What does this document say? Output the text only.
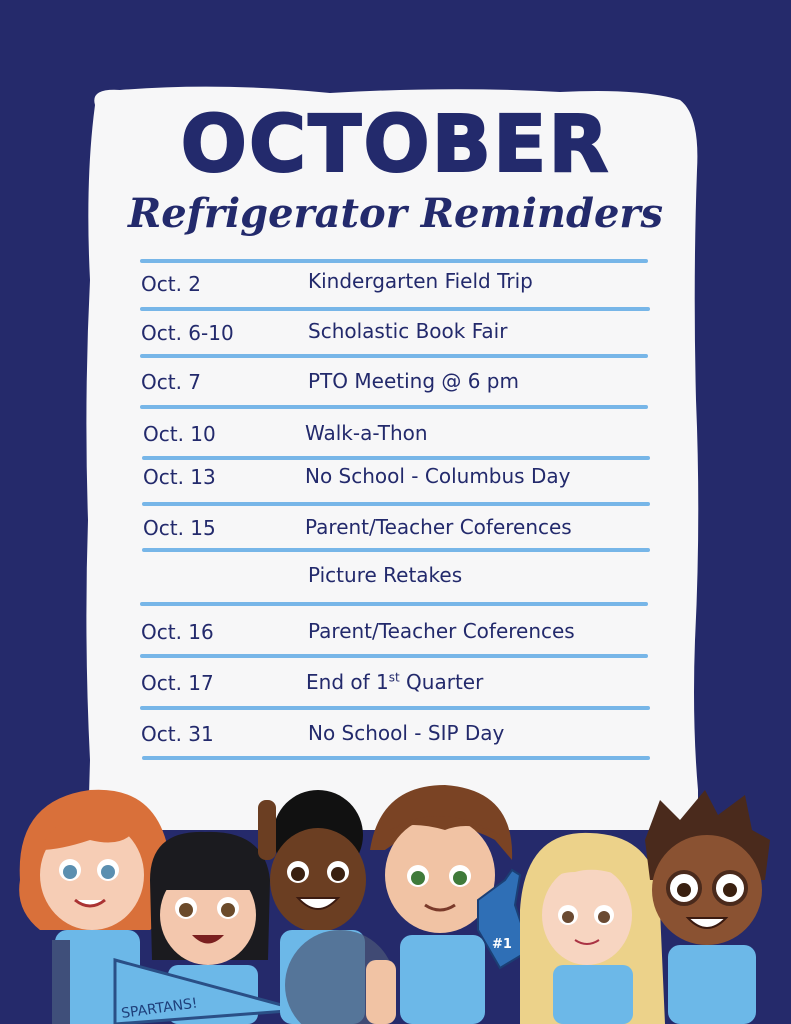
OCTOBER
Refrigerator Reminders
Oct. 2	Kindergarten Field Trip
Oct. 6-10	Scholastic Book Fair
Oct. 7	PTO Meeting @ 6 pm
Oct. 10	Walk-a-Thon
Oct. 13	No School - Columbus Day
Oct. 15	Parent/Teacher Coferences
Picture Retakes
Oct. 16	Parent/Teacher Coferences
Oct. 17	End of 1st Quarter
Oct. 31	No School - SIP Day
SPARTANS!
#1
